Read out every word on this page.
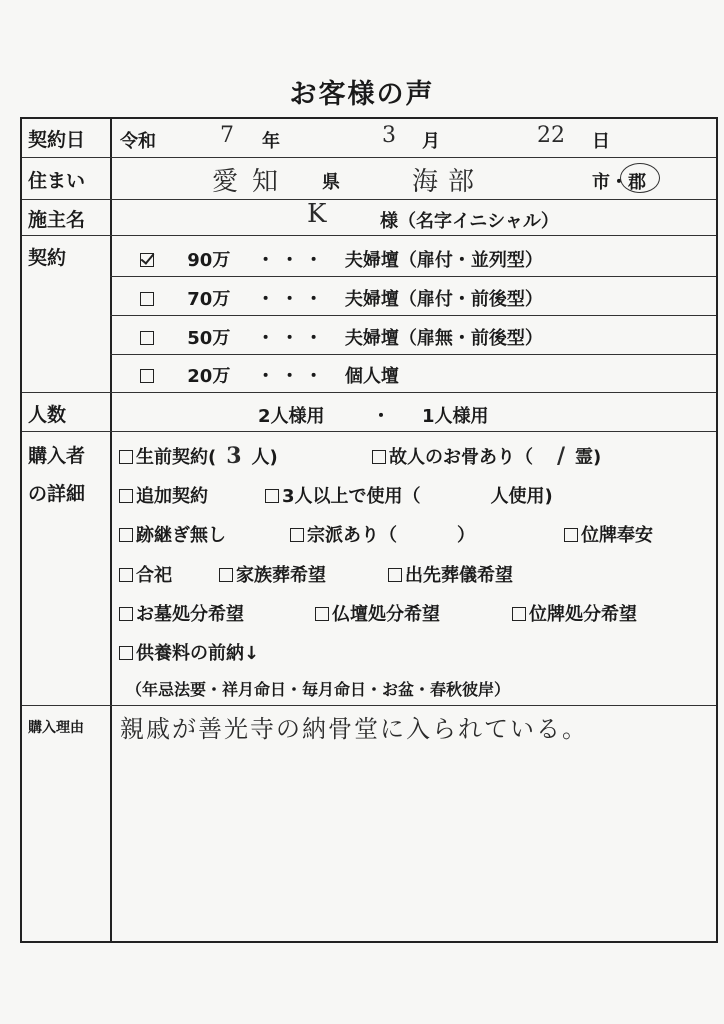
お客様の声
契約日 令和	7 年	3 月	22 日
住まい	愛知 県	海部	市・郡
施主名	K	様（名字イニシャル）
契約	90万 ・・・ 夫婦壇（扉付・並列型）
70万 ・・・ 夫婦壇（扉付・前後型）
50万 ・・・ 夫婦壇（扉無・前後型）
20万 ・・・ 個人壇
人数	2人様用	・ 1人様用
購入者
の詳細
生前契約( 3 人)	故人のお骨あり（ / 霊)
追加契約	3人以上で使用（	人使用)
跡継ぎ無し	宗派あり（	）	位牌奉安
合祀	家族葬希望	出先葬儀希望
お墓処分希望	仏壇処分希望	位牌処分希望
供養料の前納↓
（年忌法要・祥月命日・毎月命日・お盆・春秋彼岸）
購入理由 親戚が善光寺の納骨堂に入られている。
